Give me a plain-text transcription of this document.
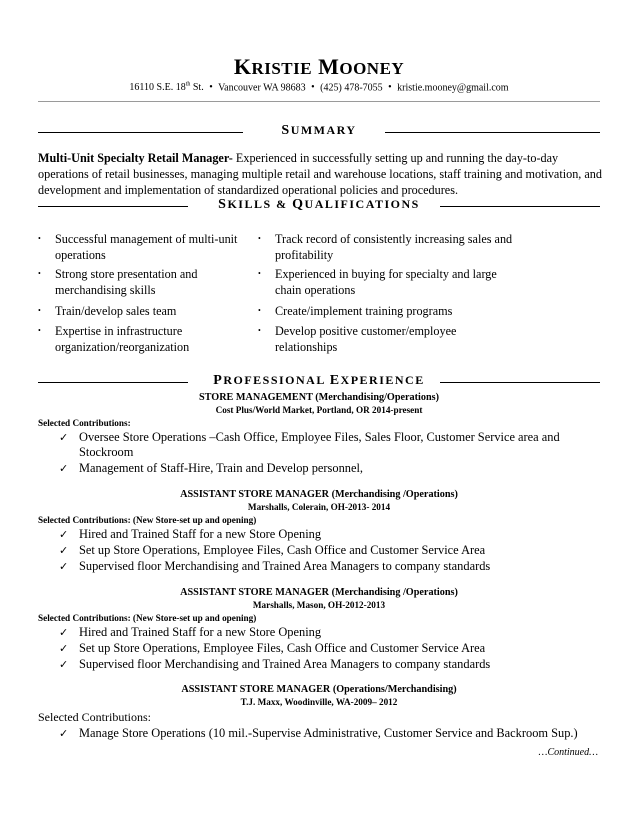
KRISTIE MOONEY
16110 S.E. 18th St. • Vancouver WA 98683 • (425) 478-7055 • kristie.mooney@gmail.com
SUMMARY
Multi-Unit Specialty Retail Manager- Experienced in successfully setting up and running the day-to-day operations of retail businesses, managing multiple retail and warehouse locations, staff training and motivation, and development and implementation of standardized operational policies and procedures.
SKILLS & QUALIFICATIONS
• Successful management of multi-unit operations
• Strong store presentation and merchandising skills
• Train/develop sales team
• Expertise in infrastructure organization/reorganization
• Track record of consistently increasing sales and profitability
• Experienced in buying for specialty and large chain operations
• Create/implement training programs
• Develop positive customer/employee relationships
PROFESSIONAL EXPERIENCE
STORE MANAGEMENT (Merchandising/Operations)
Cost Plus/World Market, Portland, OR 2014-present
Selected Contributions:
✓ Oversee Store Operations –Cash Office, Employee Files, Sales Floor, Customer Service area and Stockroom
✓ Management of Staff-Hire, Train and Develop personnel,
ASSISTANT STORE MANAGER (Merchandising /Operations)
Marshalls, Colerain, OH-2013- 2014
Selected Contributions: (New Store-set up and opening)
✓ Hired and Trained Staff for a new Store Opening
✓ Set up Store Operations, Employee Files, Cash Office and Customer Service Area
✓ Supervised floor Merchandising and Trained Area Managers to company standards
ASSISTANT STORE MANAGER (Merchandising /Operations)
Marshalls, Mason, OH-2012-2013
Selected Contributions: (New Store-set up and opening)
✓ Hired and Trained Staff for a new Store Opening
✓ Set up Store Operations, Employee Files, Cash Office and Customer Service Area
✓ Supervised floor Merchandising and Trained Area Managers to company standards
ASSISTANT STORE MANAGER (Operations/Merchandising)
T.J. Maxx, Woodinville, WA-2009– 2012
Selected Contributions:
✓ Manage Store Operations (10 mil.-Supervise Administrative, Customer Service and Backroom Sup.)
…Continued…
